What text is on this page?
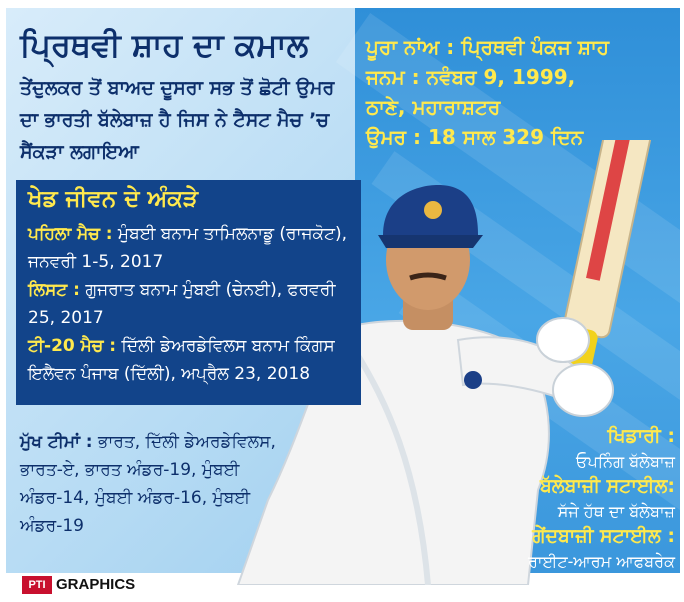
ਪ੍ਰਿਥਵੀ ਸ਼ਾਹ ਦਾ ਕਮਾਲ
ਤੇਂਦੁਲਕਰ ਤੋਂ ਬਾਅਦ ਦੂਸਰਾ ਸਭ ਤੋਂ ਛੋਟੀ ਉਮਰ ਦਾ ਭਾਰਤੀ ਬੱਲੇਬਾਜ਼ ਹੈ ਜਿਸ ਨੇ ਟੈਸਟ ਮੈਚ ’ਚ ਸੈਂਕੜਾ ਲਗਾਇਆ
ਪੂਰਾ ਨਾਂਅ : ਪ੍ਰਿਥਵੀ ਪੰਕਜ ਸ਼ਾਹ
ਜਨਮ : ਨਵੰਬਰ 9, 1999,
ਠਾਣੇ, ਮਹਾਰਾਸ਼ਟਰ
ਉਮਰ : 18 ਸਾਲ 329 ਦਿਨ
ਖੇਡ ਜੀਵਨ ਦੇ ਅੰਕੜੇ
ਪਹਿਲਾ ਮੈਚ : ਮੁੰਬਈ ਬਨਾਮ ਤਾਮਿਲਨਾਡੂ (ਰਾਜਕੋਟ), ਜਨਵਰੀ 1-5, 2017
ਲਿਸਟ : ਗੁਜਰਾਤ ਬਨਾਮ ਮੁੰਬਈ (ਚੇਨਈ), ਫਰਵਰੀ 25, 2017
ਟੀ-20 ਮੈਚ : ਦਿੱਲੀ ਡੇਅਰਡੇਵਿਲਸ ਬਨਾਮ ਕਿੰਗਸ ਇਲੈਵਨ ਪੰਜਾਬ (ਦਿੱਲੀ), ਅਪ੍ਰੈਲ 23, 2018
ਮੁੱਖ ਟੀਮਾਂ : ਭਾਰਤ, ਦਿੱਲੀ ਡੇਅਰਡੇਵਿਲਸ, ਭਾਰਤ-ਏ, ਭਾਰਤ ਅੰਡਰ-19, ਮੁੰਬਈ ਅੰਡਰ-14, ਮੁੰਬਈ ਅੰਡਰ-16, ਮੁੰਬਈ ਅੰਡਰ-19
ਖਿਡਾਰੀ :
ਓਪਨਿੰਗ ਬੱਲੇਬਾਜ਼
ਬੱਲੇਬਾਜ਼ੀ ਸਟਾਈਲ:
ਸੱਜੇ ਹੱਥ ਦਾ ਬੱਲੇਬਾਜ਼
ਗੇਂਦਬਾਜ਼ੀ ਸਟਾਈਲ :
ਰਾਈਟ-ਆਰਮ ਆਫਬਰੇਕ
PTI GRAPHICS
